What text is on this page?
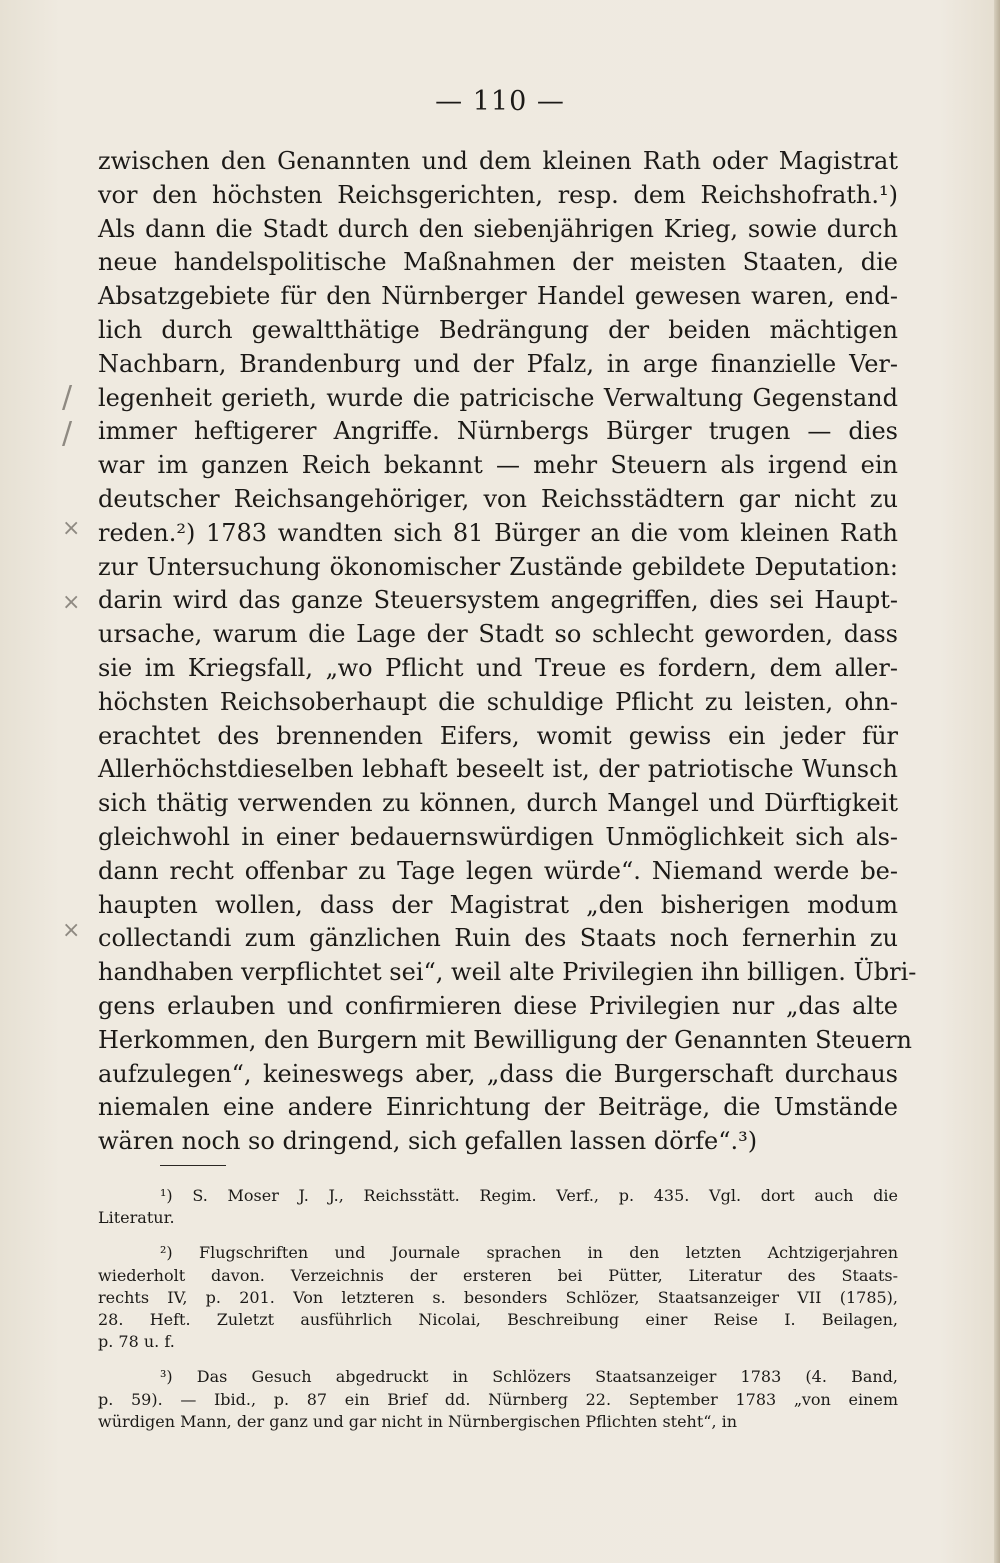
— 110 —
zwischen den Genannten und dem kleinen Rath oder Magistrat
vor den höchsten Reichsgerichten, resp. dem Reichshofrath.¹)
Als dann die Stadt durch den siebenjährigen Krieg, sowie durch
neue handelspolitische Maßnahmen der meisten Staaten, die
Absatzgebiete für den Nürnberger Handel gewesen waren, end-
lich durch gewaltthätige Bedrängung der beiden mächtigen
Nachbarn, Brandenburg und der Pfalz, in arge finanzielle Ver-
legenheit gerieth, wurde die patricische Verwaltung Gegenstand
immer heftigerer Angriffe. Nürnbergs Bürger trugen — dies
war im ganzen Reich bekannt — mehr Steuern als irgend ein
deutscher Reichsangehöriger, von Reichsstädtern gar nicht zu
reden.²) 1783 wandten sich 81 Bürger an die vom kleinen Rath
zur Untersuchung ökonomischer Zustände gebildete Deputation:
darin wird das ganze Steuersystem angegriffen, dies sei Haupt-
ursache, warum die Lage der Stadt so schlecht geworden, dass
sie im Kriegsfall, „wo Pflicht und Treue es fordern, dem aller-
höchsten Reichsoberhaupt die schuldige Pflicht zu leisten, ohn-
erachtet des brennenden Eifers, womit gewiss ein jeder für
Allerhöchstdieselben lebhaft beseelt ist, der patriotische Wunsch
sich thätig verwenden zu können, durch Mangel und Dürftigkeit
gleichwohl in einer bedauernswürdigen Unmöglichkeit sich als-
dann recht offenbar zu Tage legen würde“. Niemand werde be-
haupten wollen, dass der Magistrat „den bisherigen modum
collectandi zum gänzlichen Ruin des Staats noch fernerhin zu
handhaben verpflichtet sei“, weil alte Privilegien ihn billigen. Übri-
gens erlauben und confirmieren diese Privilegien nur „das alte
Herkommen, den Burgern mit Bewilligung der Genannten Steuern
aufzulegen“, keineswegs aber, „dass die Burgerschaft durchaus
niemalen eine andere Einrichtung der Beiträge, die Umstände
wären noch so dringend, sich gefallen lassen dörfe“.³)
¹) S. Moser J. J., Reichsstätt. Regim. Verf., p. 435. Vgl. dort auch die
Literatur.
²) Flugschriften und Journale sprachen in den letzten Achtzigerjahren
wiederholt davon. Verzeichnis der ersteren bei Pütter, Literatur des Staats-
rechts IV, p. 201. Von letzteren s. besonders Schlözer, Staatsanzeiger VII (1785),
28. Heft. Zuletzt ausführlich Nicolai, Beschreibung einer Reise I. Beilagen,
p. 78 u. f.
³) Das Gesuch abgedruckt in Schlözers Staatsanzeiger 1783 (4. Band,
p. 59). — Ibid., p. 87 ein Brief dd. Nürnberg 22. September 1783 „von einem
würdigen Mann, der ganz und gar nicht in Nürnbergischen Pflichten steht“, in
/
/
×
×
×
